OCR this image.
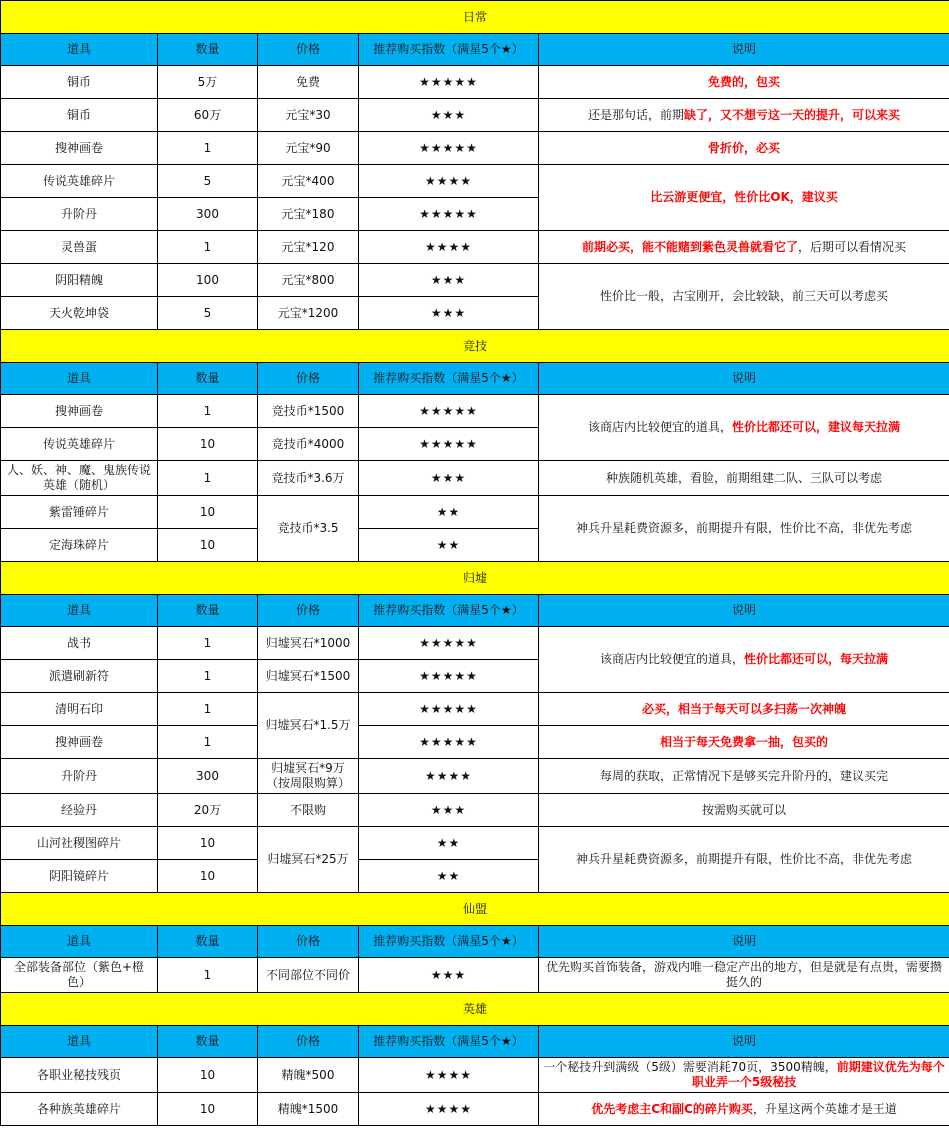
日常				
道具	数量	价格	推荐购买指数（满星5个★）	说明
铜币	5万	免费	★★★★★	免费的，包买
铜币	60万	元宝*30	★★★	还是那句话，前期缺了，又不想亏这一天的提升，可以来买
搜神画卷	1	元宝*90	★★★★★	骨折价，必买
传说英雄碎片	5	元宝*400	★★★★	比云游更便宜，性价比OK，建议买
升阶丹	300	元宝*180	★★★★★	
灵兽蛋	1	元宝*120	★★★★	前期必买，能不能赌到紫色灵兽就看它了，后期可以看情况买
阴阳精魄	100	元宝*800	★★★	性价比一般，古宝刚开，会比较缺，前三天可以考虑买
天火乾坤袋	5	元宝*1200	★★★	
竞技				
道具	数量	价格	推荐购买指数（满星5个★）	说明
搜神画卷	1	竞技币*1500	★★★★★	该商店内比较便宜的道具，性价比都还可以，建议每天拉满
传说英雄碎片	10	竞技币*4000	★★★★★	
人、妖、神、魔、鬼族传说英雄（随机）	1	竞技币*3.6万	★★★	种族随机英雄，看脸，前期组建二队、三队可以考虑
紫雷锤碎片	10	竞技币*3.5	★★	神兵升星耗费资源多，前期提升有限，性价比不高，非优先考虑
定海珠碎片	10		★★	
归墟				
道具	数量	价格	推荐购买指数（满星5个★）	说明
战书	1	归墟冥石*1000	★★★★★	该商店内比较便宜的道具，性价比都还可以，每天拉满
派遣刷新符	1	归墟冥石*1500	★★★★★	
清明石印	1	归墟冥石*1.5万	★★★★★	必买，相当于每天可以多扫荡一次神魄
搜神画卷	1		★★★★★	相当于每天免费拿一抽，包买的
升阶丹	300	归墟冥石*9万（按周限购算）	★★★★	每周的获取，正常情况下是够买完升阶丹的，建议买完
经验丹	20万	不限购	★★★	按需购买就可以
山河社稷图碎片	10	归墟冥石*25万	★★	神兵升星耗费资源多，前期提升有限，性价比不高，非优先考虑
阴阳镜碎片	10		★★	
仙盟				
道具	数量	价格	推荐购买指数（满星5个★）	说明
全部装备部位（紫色+橙色）	1	不同部位不同价	★★★	优先购买首饰装备，游戏内唯一稳定产出的地方，但是就是有点贵，需要攒挺久的
英雄				
道具	数量	价格	推荐购买指数（满星5个★）	说明
各职业秘技残页	10	精魄*500	★★★★	一个秘技升到满级（5级）需要消耗70页，3500精魄，前期建议优先为每个职业弄一个5级秘技
各种族英雄碎片	10	精魄*1500	★★★★	优先考虑主C和副C的碎片购买，升星这两个英雄才是王道
